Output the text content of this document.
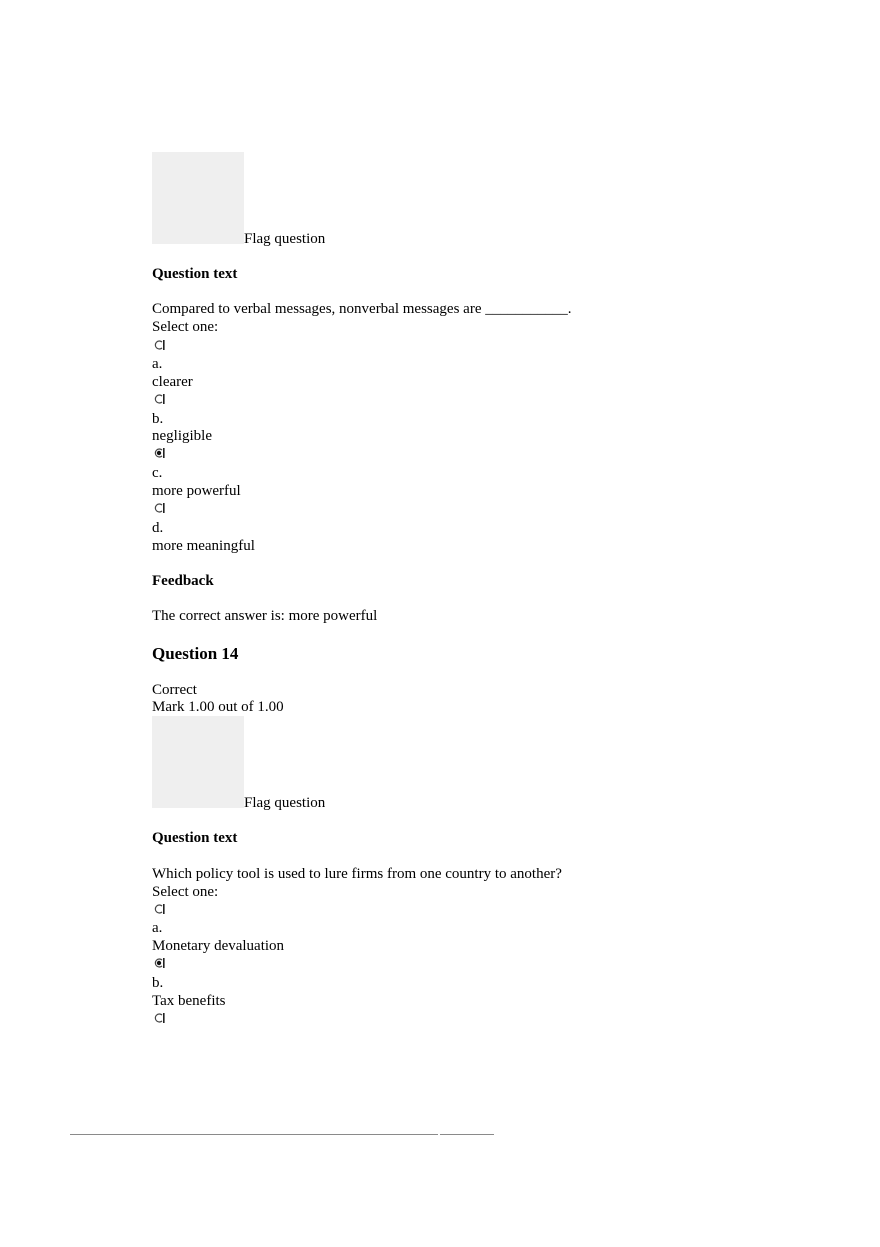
Flag question
Question text
Compared to verbal messages, nonverbal messages are ___________.
Select one:
a.
clearer
b.
negligible
c.
more powerful
d.
more meaningful
Feedback
The correct answer is: more powerful
Question 14
Correct
Mark 1.00 out of 1.00
Flag question
Question text
Which policy tool is used to lure firms from one country to another?
Select one:
a.
Monetary devaluation
b.
Tax benefits
